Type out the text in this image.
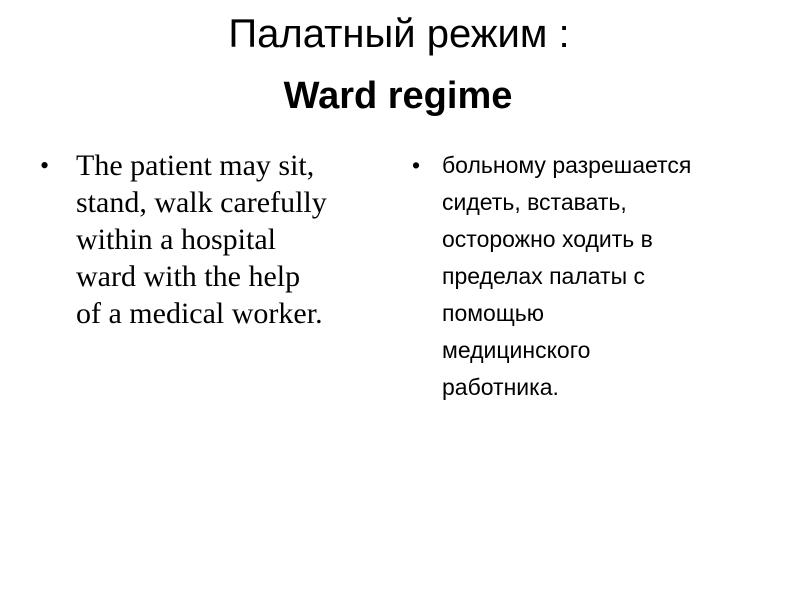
Палатный режим :
Ward regime
• The patient may sit,
stand, walk carefully
within a hospital
ward with the help
of a medical worker.
• больному разрешается
сидеть, вставать,
осторожно ходить в
пределах палаты с
помощью
медицинского
работника.
